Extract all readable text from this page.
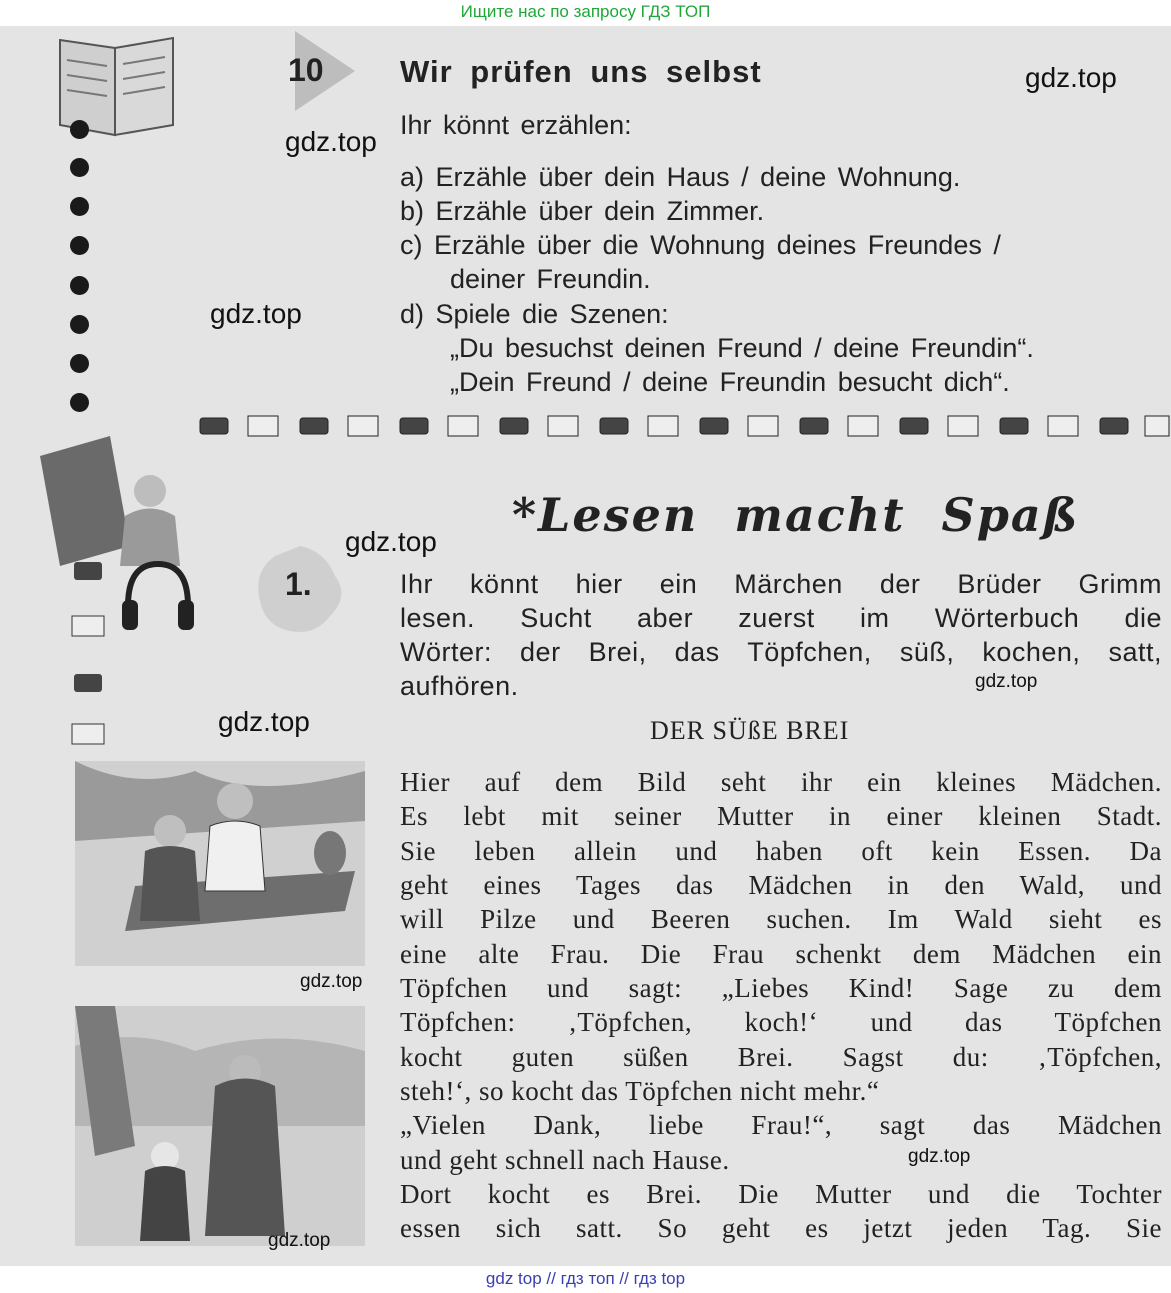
Ищите нас по запросу ГДЗ ТОП
10 Wir prüfen uns selbst
Ihr könnt erzählen:
a) Erzähle über dein Haus / deine Wohnung.
b) Erzähle über dein Zimmer.
c) Erzähle über die Wohnung deines Freundes /
deiner Freundin.
d) Spiele die Szenen:
„Du besuchst deinen Freund / deine Freundin“.
„Dein Freund / deine Freundin besucht dich“.
*Lesen macht Spaß
1.	Ihr könnt hier ein Märchen der Brüder Grimm
lesen. Sucht aber zuerst im Wörterbuch die
Wörter: der Brei, das Töpfchen, süß, kochen, satt,
aufhören.
DER SÜßE BREI
Hier auf dem Bild seht ihr ein kleines Mädchen.
Es lebt mit seiner Mutter in einer kleinen Stadt.
Sie leben allein und haben oft kein Essen. Da
geht eines Tages das Mädchen in den Wald, und
will Pilze und Beeren suchen. Im Wald sieht es
eine alte Frau. Die Frau schenkt dem Mädchen ein
Töpfchen und sagt: „Liebes Kind! Sage zu dem
Töpfchen: ‚Töpfchen, koch!‘ und das Töpfchen
kocht guten süßen Brei. Sagst du: ‚Töpfchen,
steh!‘, so kocht das Töpfchen nicht mehr.“
„Vielen Dank, liebe Frau!“, sagt das Mädchen
und geht schnell nach Hause.
Dort kocht es Brei. Die Mutter und die Tochter
essen sich satt. So geht es jetzt jeden Tag. Sie
gdz.top
gdz.top
gdz.top
gdz.top
gdz.top
gdz.top
gdz.top
gdz.top
gdz.top
gdz top // гдз топ // гдз top
